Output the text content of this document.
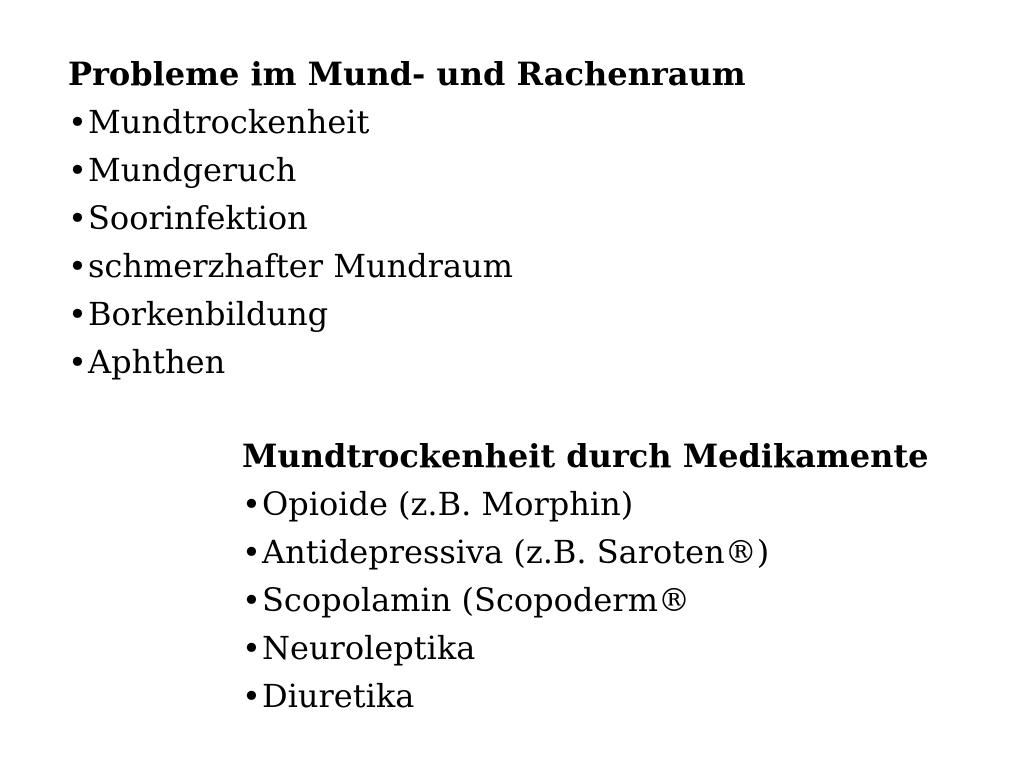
Probleme im Mund- und Rachenraum
•Mundtrockenheit
•Mundgeruch
•Soorinfektion
•schmerzhafter Mundraum
•Borkenbildung
•Aphthen
Mundtrockenheit durch Medikamente
•Opioide (z.B. Morphin)
•Antidepressiva (z.B. Saroten®)
•Scopolamin (Scopoderm®
•Neuroleptika
•Diuretika
